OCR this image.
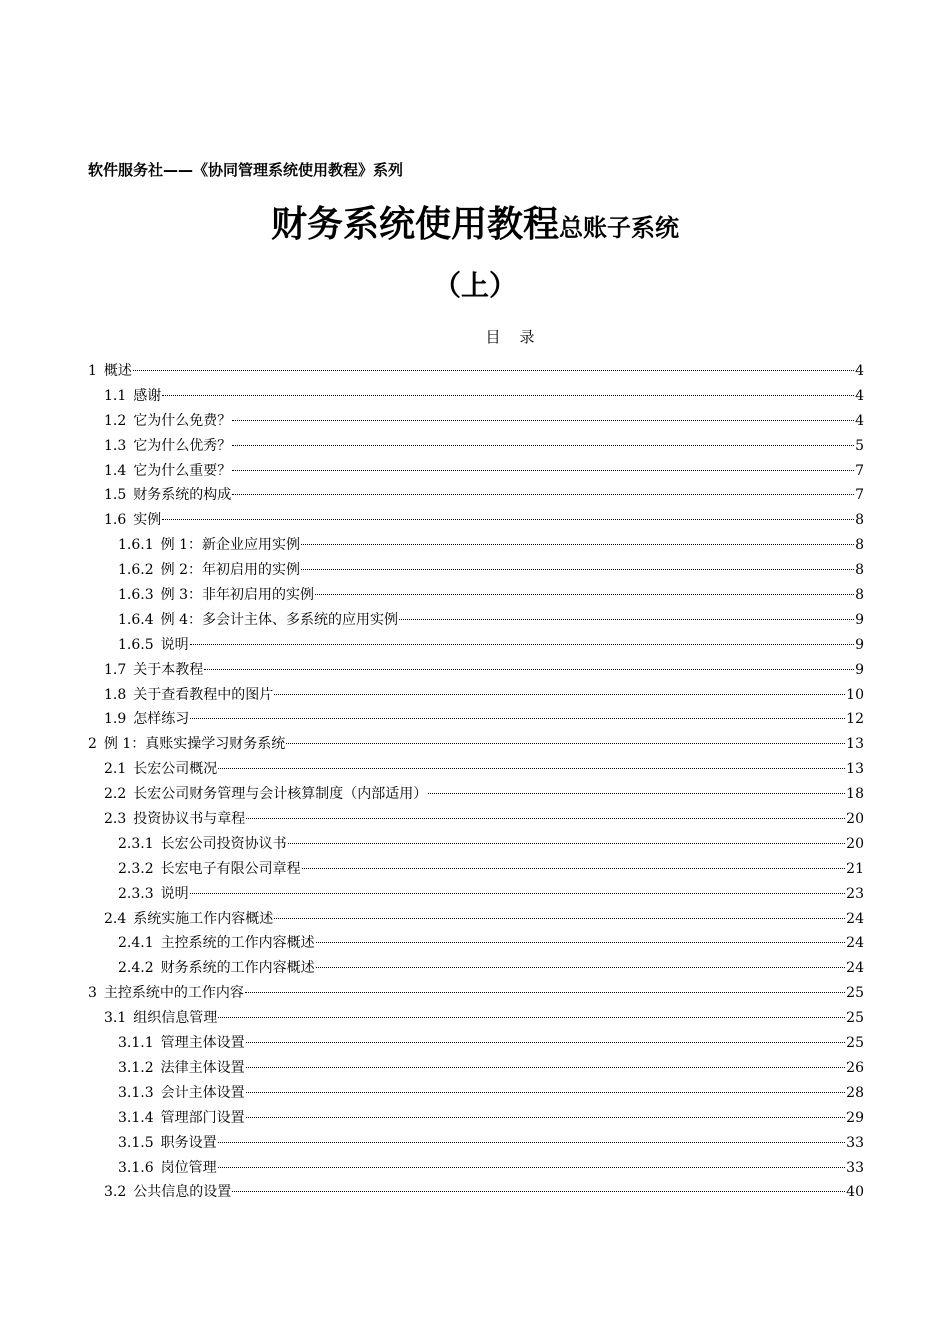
软件服务社——《协同管理系统使用教程》系列
财务系统使用教程总账子系统
（上）
目    录
1 概述	4
1.1 感谢	4
1.2 它为什么免费？	4
1.3 它为什么优秀？	5
1.4 它为什么重要？	7
1.5 财务系统的构成	7
1.6 实例	8
1.6.1 例 1：新企业应用实例	8
1.6.2 例 2：年初启用的实例	8
1.6.3 例 3：非年初启用的实例	8
1.6.4 例 4：多会计主体、多系统的应用实例	9
1.6.5 说明	9
1.7 关于本教程	9
1.8 关于查看教程中的图片	10
1.9 怎样练习	12
2 例 1：真账实操学习财务系统	13
2.1 长宏公司概况	13
2.2 长宏公司财务管理与会计核算制度（内部适用）	18
2.3 投资协议书与章程	20
2.3.1 长宏公司投资协议书	20
2.3.2 长宏电子有限公司章程	21
2.3.3 说明	23
2.4 系统实施工作内容概述	24
2.4.1 主控系统的工作内容概述	24
2.4.2 财务系统的工作内容概述	24
3 主控系统中的工作内容	25
3.1 组织信息管理	25
3.1.1 管理主体设置	25
3.1.2 法律主体设置	26
3.1.3 会计主体设置	28
3.1.4 管理部门设置	29
3.1.5 职务设置	33
3.1.6 岗位管理	33
3.2 公共信息的设置	40
